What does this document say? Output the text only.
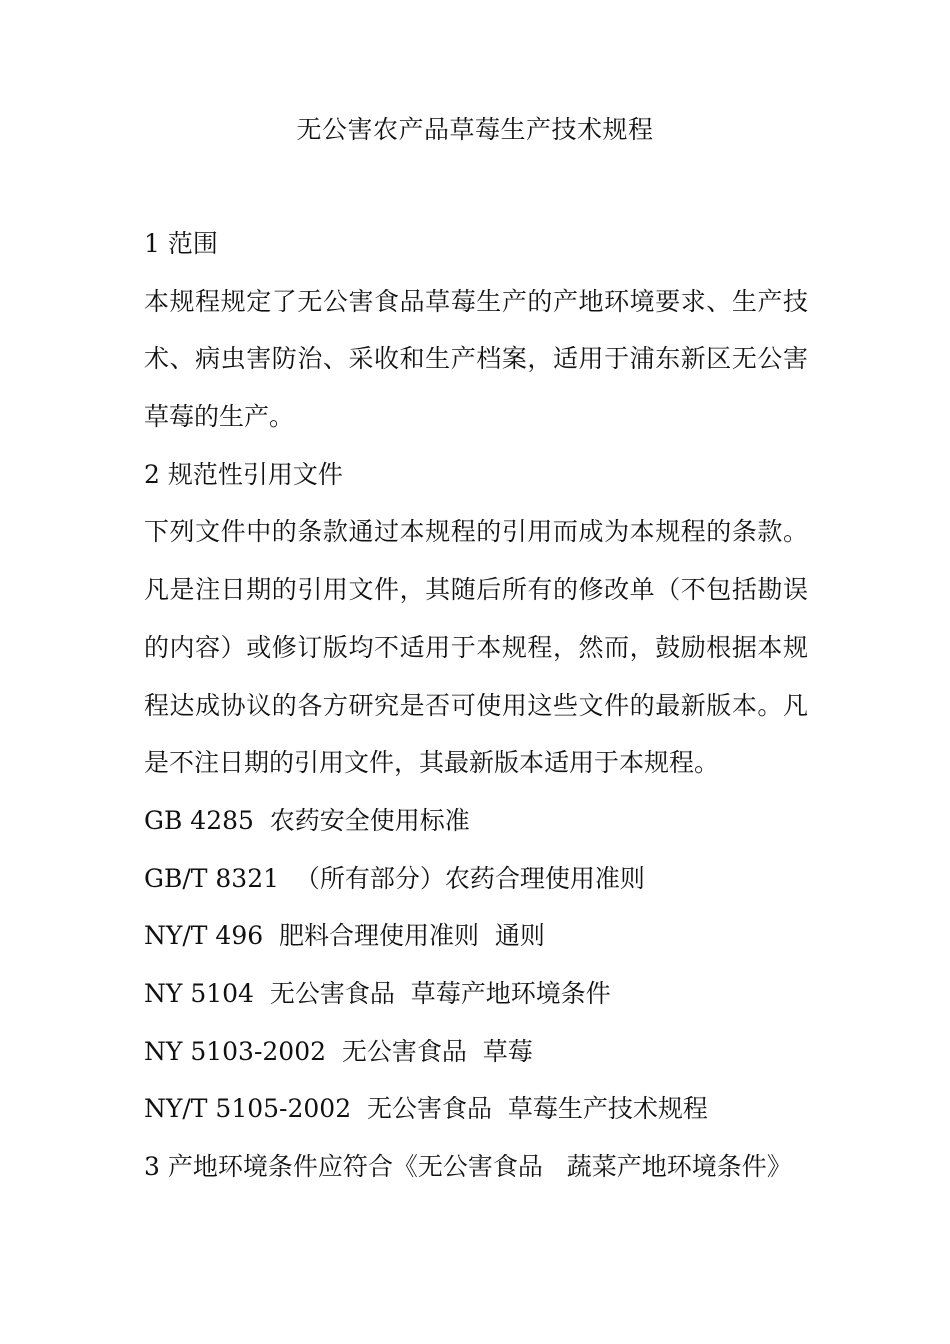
无公害农产品草莓生产技术规程
1 范围
本规程规定了无公害食品草莓生产的产地环境要求、生产技
术、病虫害防治、采收和生产档案，适用于浦东新区无公害
草莓的生产。
2 规范性引用文件
下列文件中的条款通过本规程的引用而成为本规程的条款。
凡是注日期的引用文件，其随后所有的修改单（不包括勘误
的内容）或修订版均不适用于本规程，然而，鼓励根据本规
程达成协议的各方研究是否可使用这些文件的最新版本。凡
是不注日期的引用文件，其最新版本适用于本规程。
GB 4285  农药安全使用标准
GB/T 8321  （所有部分）农药合理使用准则
NY/T 496  肥料合理使用准则  通则
NY 5104  无公害食品  草莓产地环境条件
NY 5103-2002  无公害食品  草莓
NY/T 5105-2002  无公害食品  草莓生产技术规程
3 产地环境条件应符合《无公害食品   蔬菜产地环境条件》
